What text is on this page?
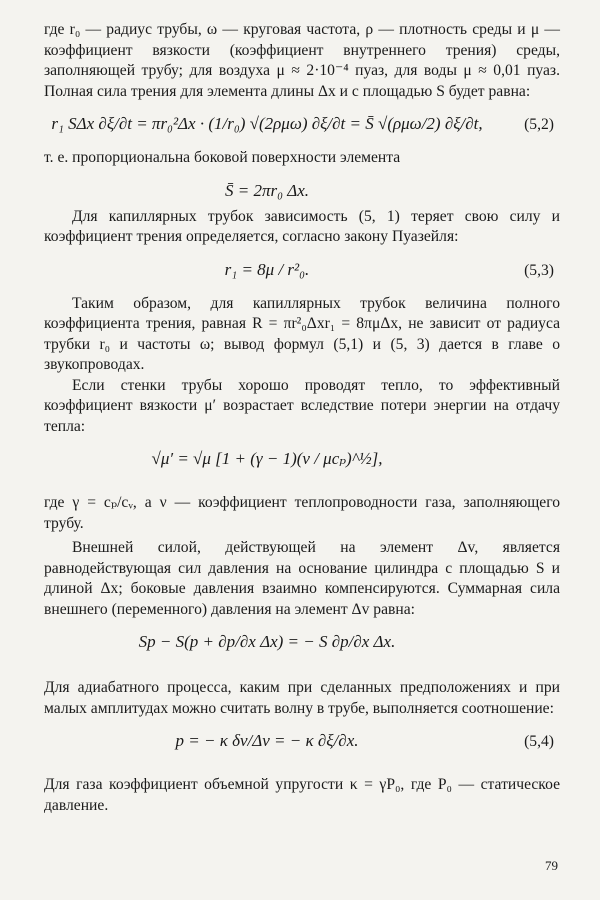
где r₀ — радиус трубы, ω — круговая частота, ρ — плотность среды и μ — коэффициент вязкости (коэффициент внутреннего трения) среды, заполняющей трубу; для воздуха μ ≈ 2·10⁻⁴ пуаз, для воды μ ≈ 0,01 пуаз. Полная сила трения для элемента длины Δx и с площадью S будет равна:

r₁ SΔx ∂ξ/∂t = πr₀²Δx · (1/r₀) √(2ρμω) ∂ξ/∂t = S̄ √(ρμω/2) ∂ξ/∂t,	(5,2)

т. е. пропорциональна боковой поверхности элемента

S̄ = 2πr₀ Δx.

Для капиллярных трубок зависимость (5, 1) теряет свою силу и коэффициент трения определяется, согласно закону Пуазейля:

r₁ = 8μ / r²₀.	(5,3)

Таким образом, для капиллярных трубок величина полного коэффициента трения, равная R = πr²₀Δxr₁ = 8πμΔx, не зависит от радиуса трубки r₀ и частоты ω; вывод формул (5,1) и (5, 3) дается в главе о звукопроводах.

Если стенки трубы хорошо проводят тепло, то эффективный коэффициент вязкости μ′ возрастает вследствие потери энергии на отдачу тепла:

√μ′ = √μ [1 + (γ − 1)(ν / μcₚ)^½],

где γ = cₚ/cᵥ, а ν — коэффициент теплопроводности газа, заполняющего трубу.

Внешней силой, действующей на элемент Δv, является равнодействующая сил давления на основание цилиндра с площадью S и длиной Δx; боковые давления взаимно компенсируются. Суммарная сила внешнего (переменного) давления на элемент Δv равна:

Sp − S(p + ∂p/∂x Δx) = − S ∂p/∂x Δx.

Для адиабатного процесса, каким при сделанных предположениях и при малых амплитудах можно считать волну в трубе, выполняется соотношение:

p = − κ δv/Δv = − κ ∂ξ/∂x.	(5,4)

Для газа коэффициент объемной упругости κ = γP₀, где P₀ — статическое давление.

79
